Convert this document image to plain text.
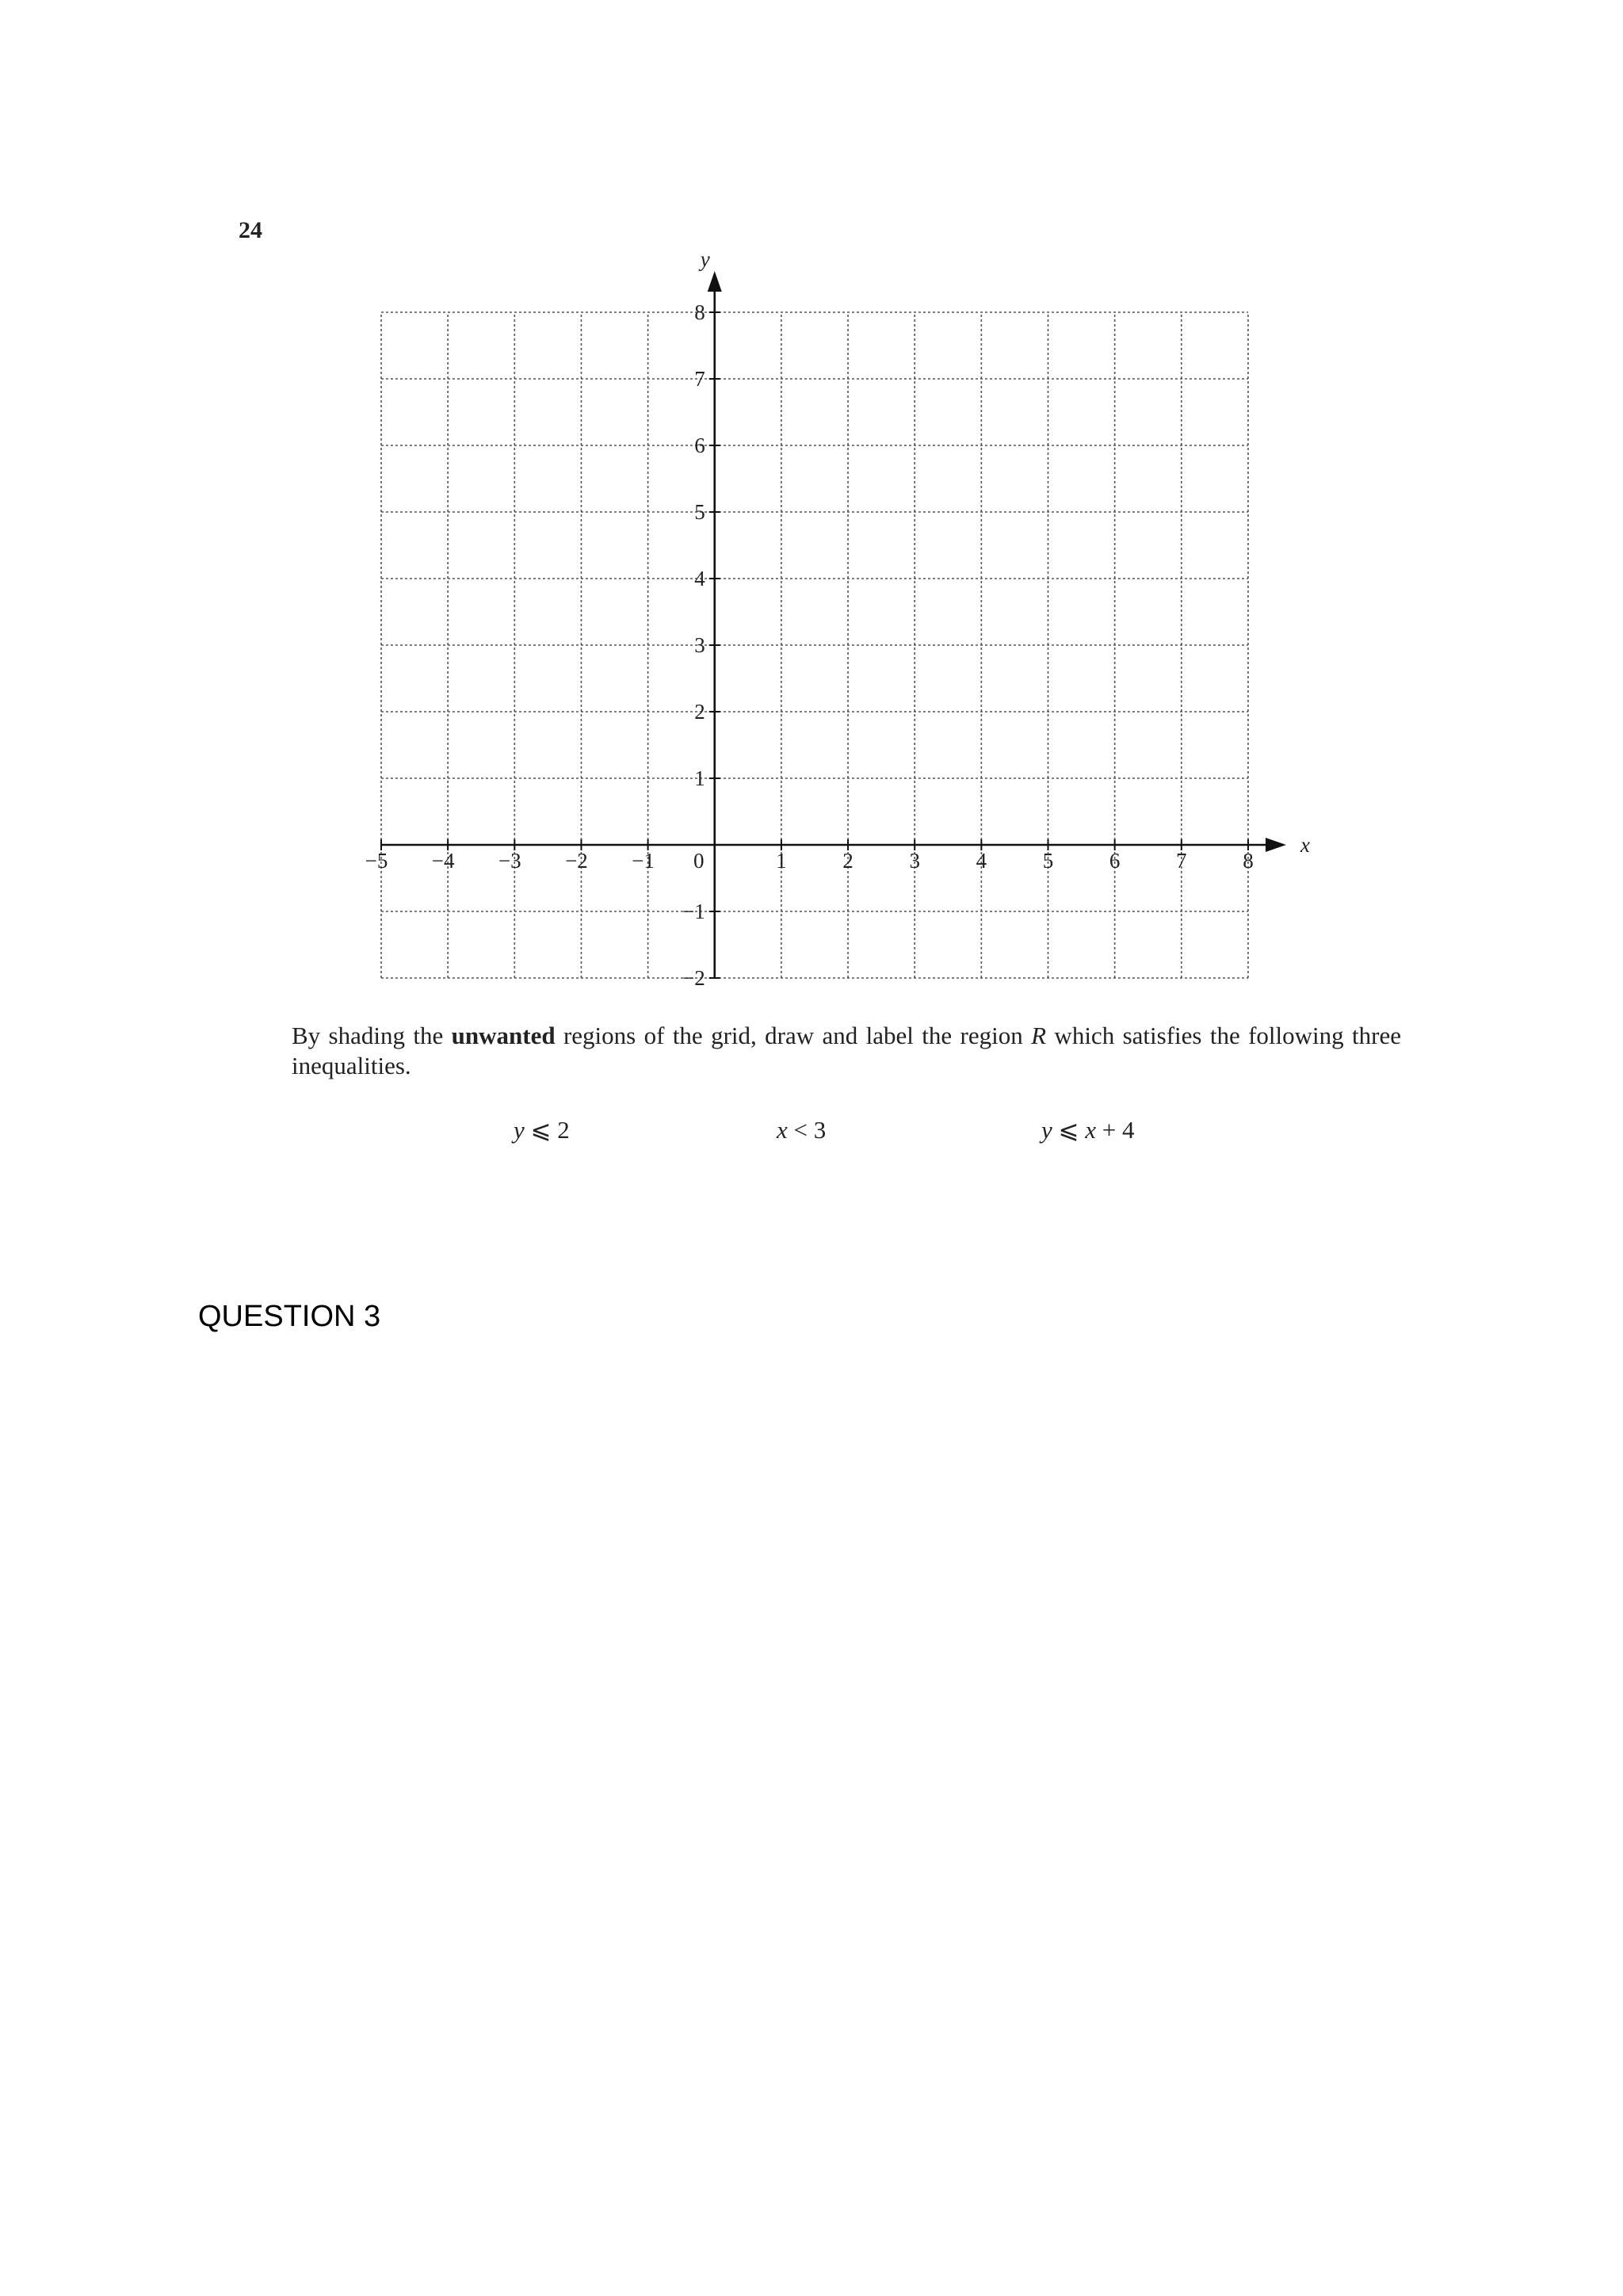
24
−5 −4 −3 −2 −1	1	2	3	4	5	6	7	8
−2
−1
1
2
3
4
5
6
7
8
0
x
y
By shading the unwanted regions of the grid, draw and label the region R which satisfies the following three inequalities.
y ⩽ 2	x < 3	y ⩽ x + 4
QUESTION 3
